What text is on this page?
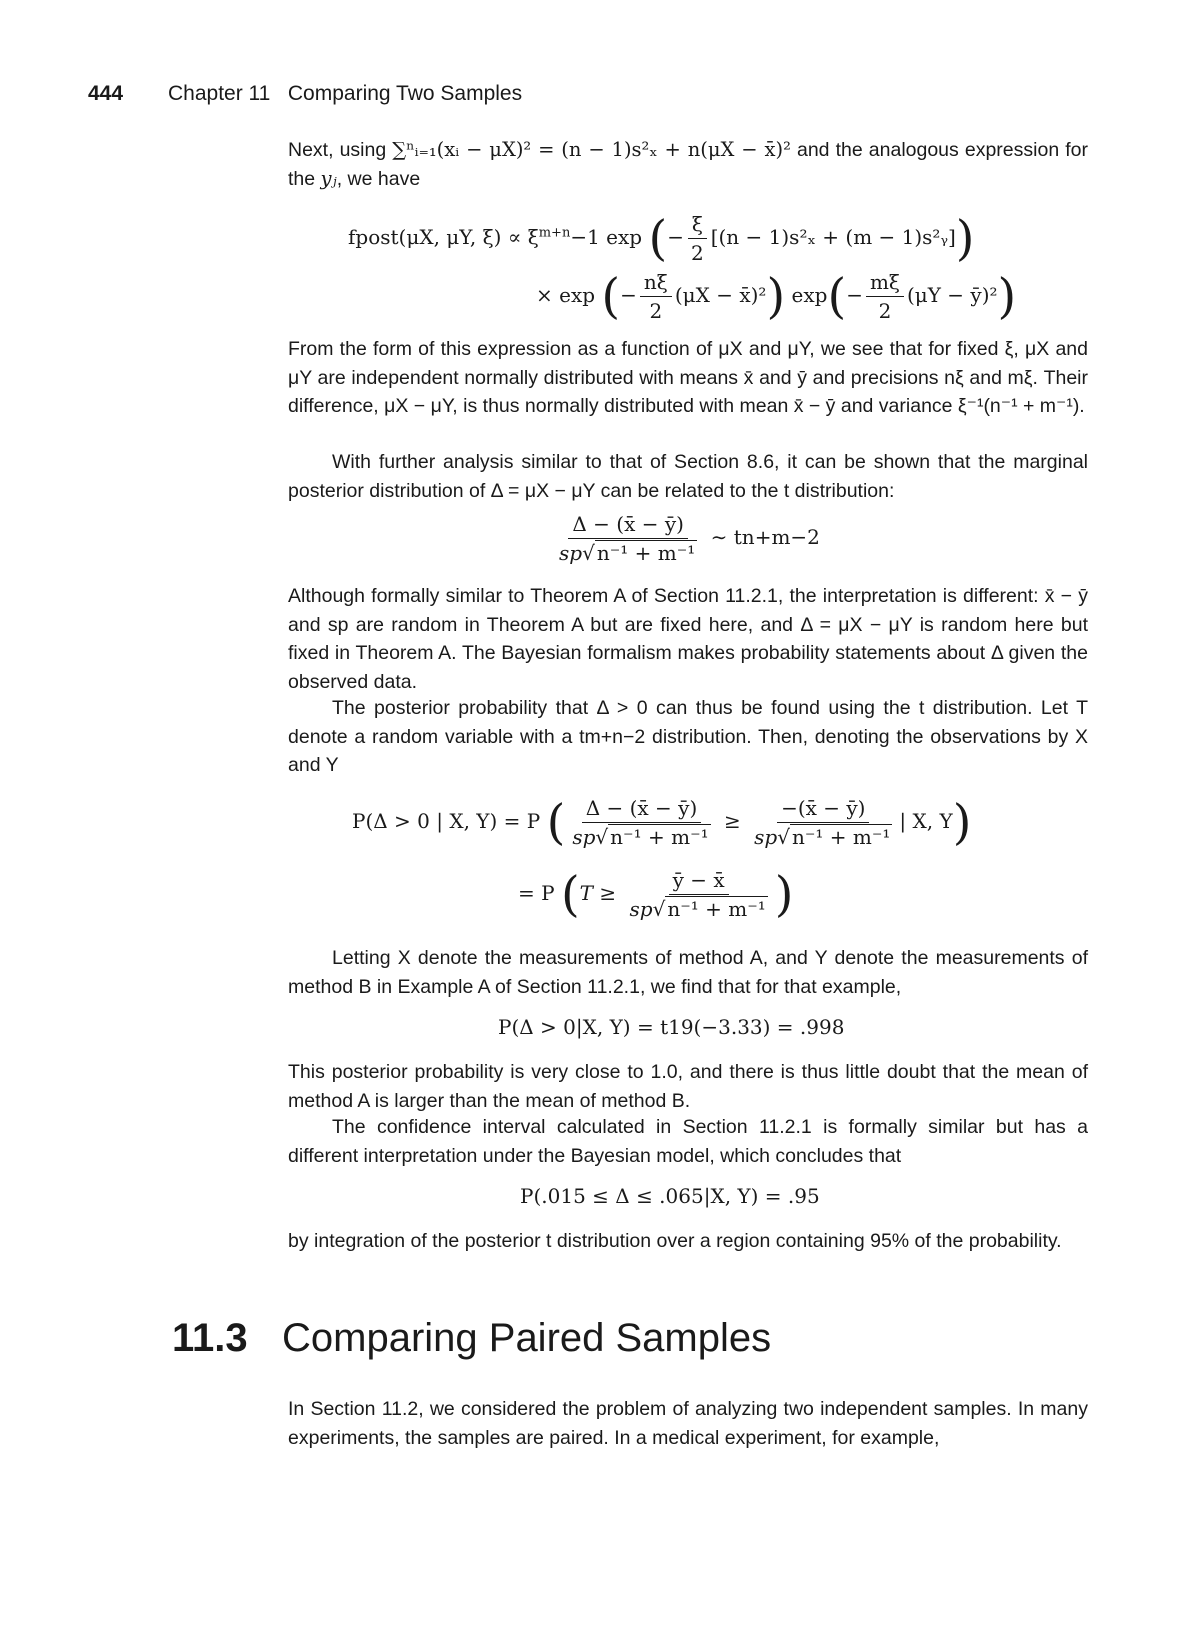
444 Chapter 11 Comparing Two Samples

Next, using ∑ⁿᵢ₌₁(xᵢ − μX)² = (n − 1)s²ₓ + n(μX − x̄)² and the analogous expression for the yⱼ, we have

fpost(μX, μY, $\xi) \propto \xi^{m+n}-1$ exp (− $\frac{\xi}{2} [(n - 1)s^2_x + (m$ − 1)s²ᵧ])
× exp (− $\frac{n\xi}{2} (\mu X$ − x̄)²) $\exp(- \frac{m\xi}{2} (\mu Y$ − ȳ)²)

From the form of this expression as a function of μX and μY, we see that for fixed ξ, μX and μY are independent normally distributed with means x̄ and ȳ and precisions nξ and mξ. Their difference, μX − μY, is thus normally distributed with mean x̄ − ȳ and variance ξ⁻¹(n⁻¹ + m⁻¹).

With further analysis similar to that of Section 8.6, it can be shown that the marginal posterior distribution of Δ = μX − μY can be related to the t distribution:

$\frac{\Delta - (x̄ - ȳ)}{\text{sp√ n⁻¹ + m⁻¹}}$ ∼ tn+m−2

Although formally similar to Theorem A of Section 11.2.1, the interpretation is different: x̄ − ȳ and sp are random in Theorem A but are fixed here, and Δ = μX − μY is random here but fixed in Theorem A. The Bayesian formalism makes probability statements about Δ given the observed data.

The posterior probability that Δ > 0 can thus be found using the t distribution. Let T denote a random variable with a tm+n−2 distribution. Then, denoting the observations by X and Y

P(Δ > 0 | X, Y) = P ( $\frac{\Delta - (x̄ - ȳ)}{\text{sp√ n⁻¹ + m⁻¹}} \ge \frac{-(x̄ - ȳ)}{\text{sp√ n⁻¹ + m⁻¹}}$ | X, Y)
= P ($T \ge \frac{ȳ - x̄}{\text{sp√ n⁻¹ + m⁻¹}}$ )

Letting X denote the measurements of method A, and Y denote the measurements of method B in Example A of Section 11.2.1, we find that for that example,

P(Δ > 0|X, Y) = t19(−3.33) = .998

This posterior probability is very close to 1.0, and there is thus little doubt that the mean of method A is larger than the mean of method B.

The confidence interval calculated in Section 11.2.1 is formally similar but has a different interpretation under the Bayesian model, which concludes that

P(.015 ≤ Δ ≤ .065|X, Y) = .95

by integration of the posterior t distribution over a region containing 95% of the probability.

11.3 Comparing Paired Samples

In Section 11.2, we considered the problem of analyzing two independent samples. In many experiments, the samples are paired. In a medical experiment, for example,
